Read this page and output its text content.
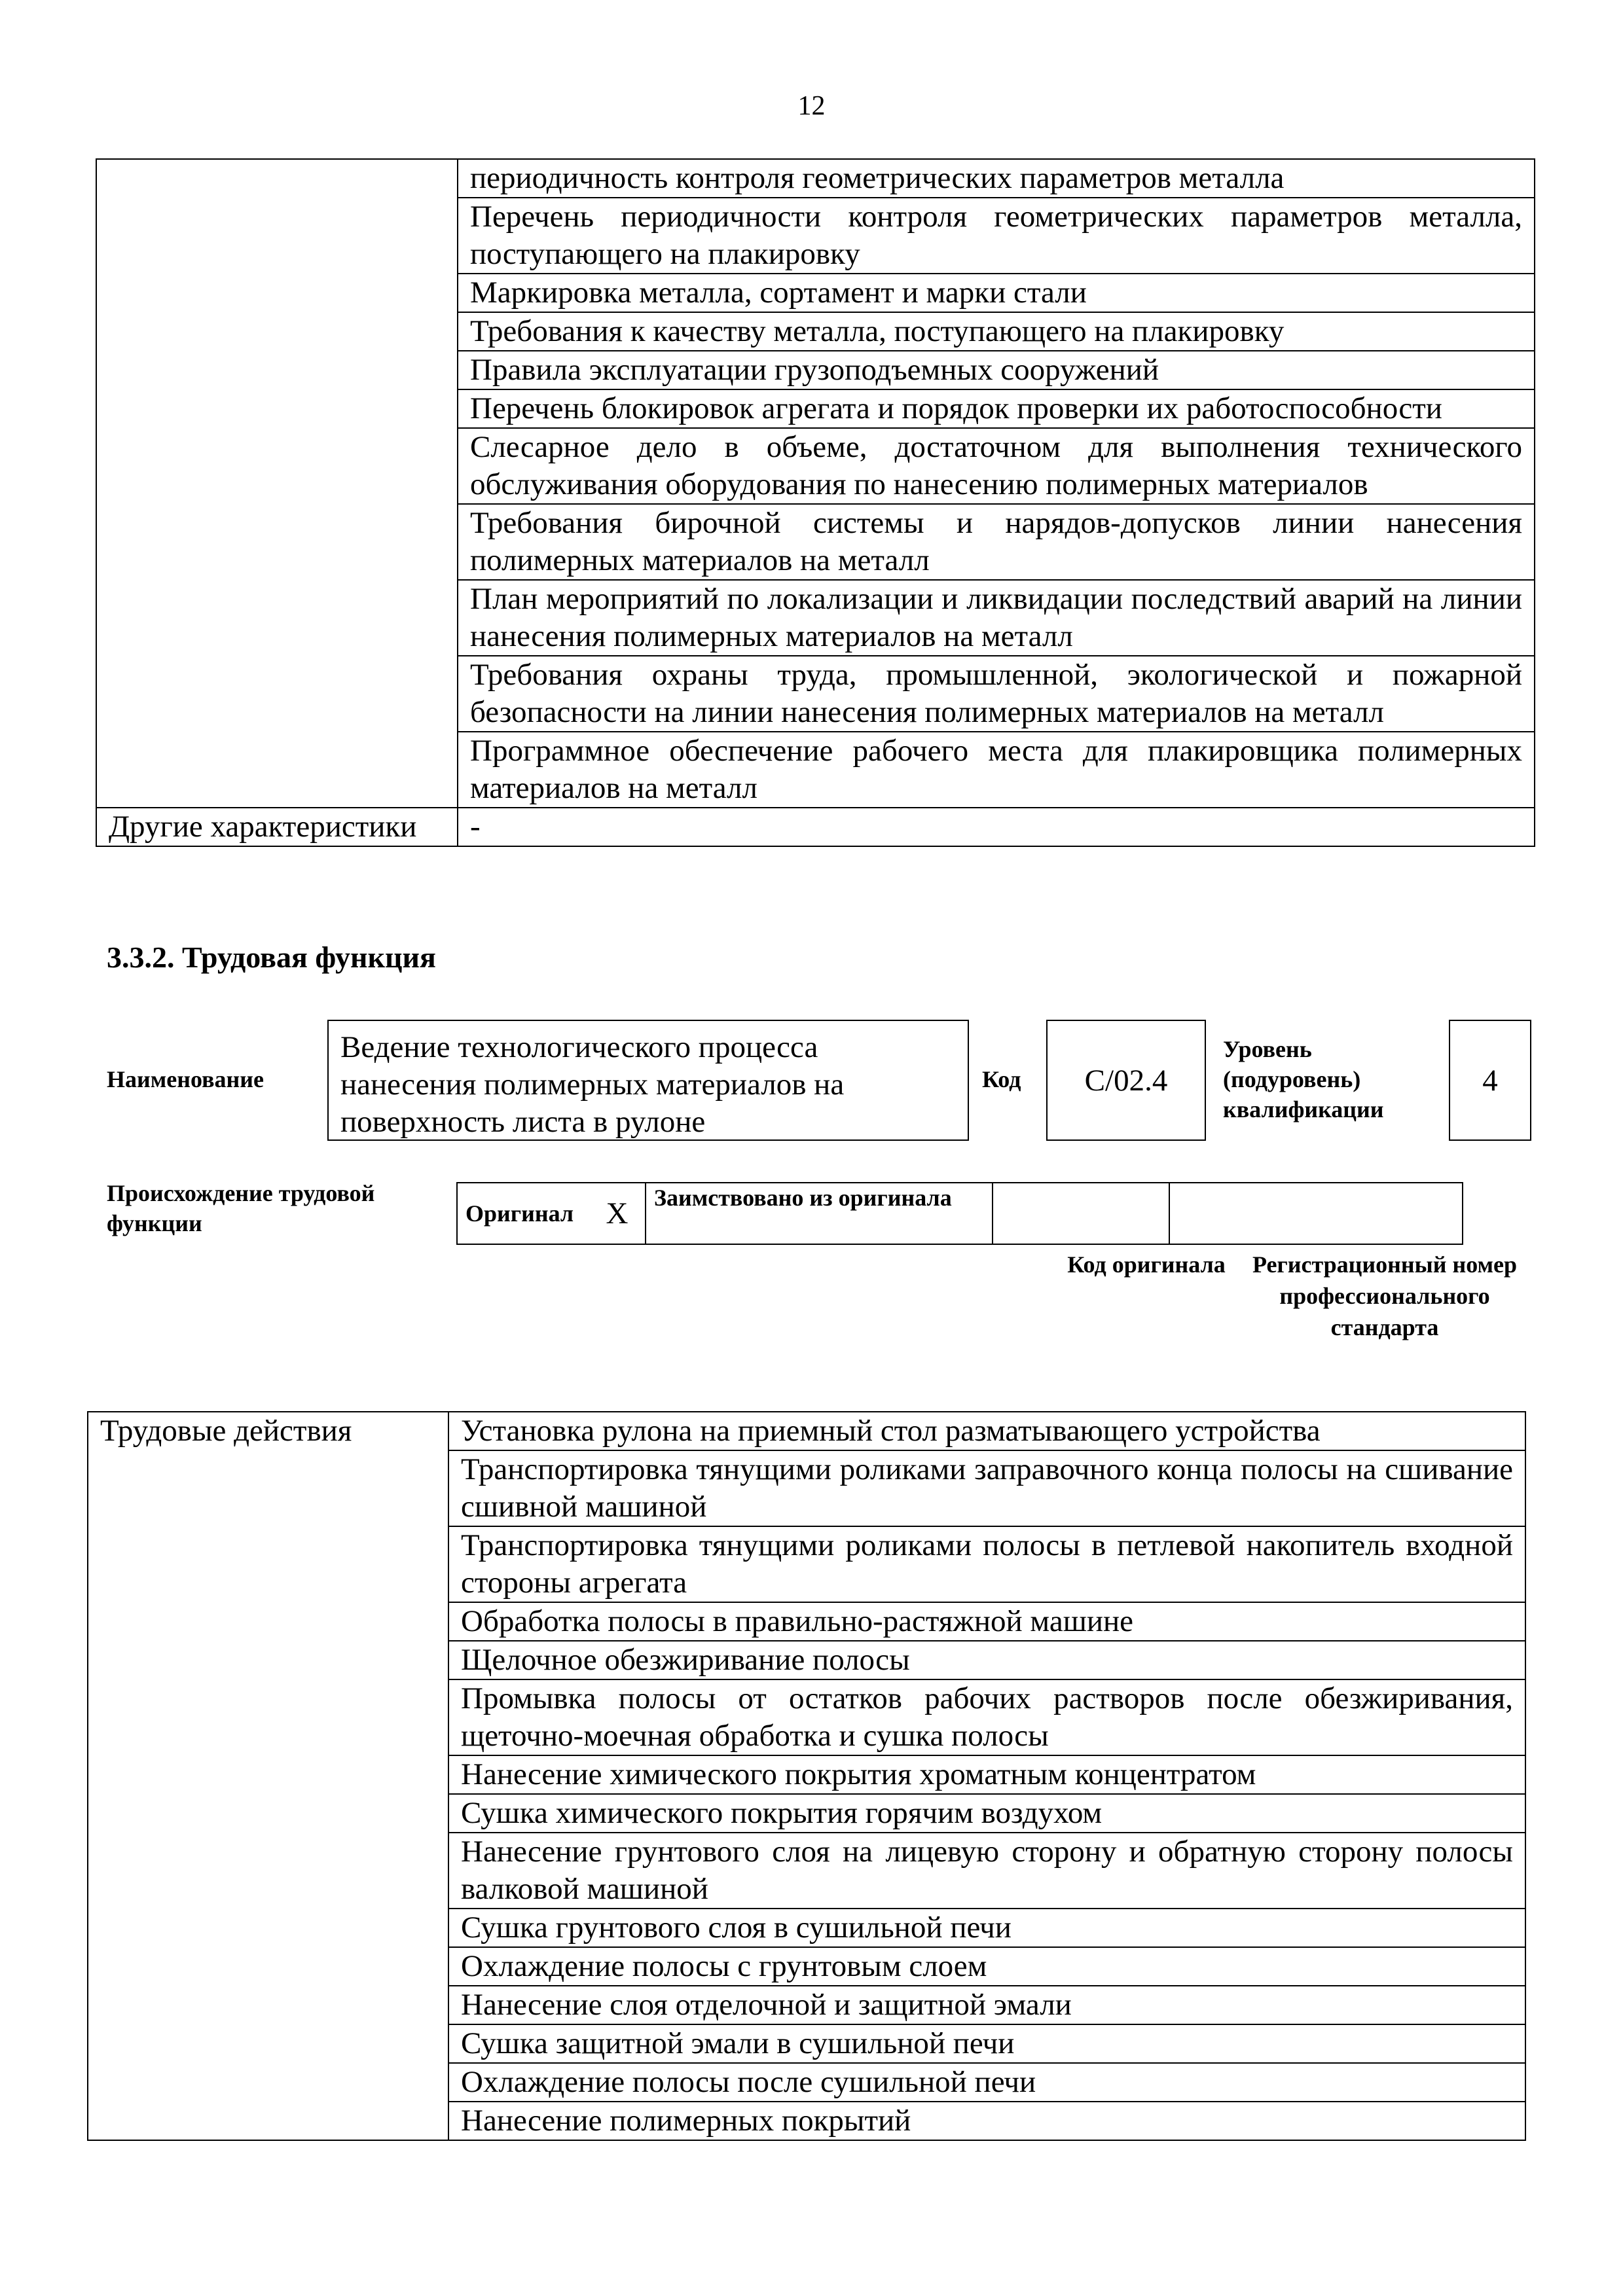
12
	периодичность контроля геометрических параметров металла
	Перечень периодичности контроля геометрических параметров металла, поступающего на плакировку
	Маркировка металла, сортамент и марки стали
	Требования к качеству металла, поступающего на плакировку
	Правила эксплуатации грузоподъемных сооружений
	Перечень блокировок агрегата и порядок проверки их работоспособности
	Слесарное дело в объеме, достаточном для выполнения технического обслуживания оборудования по нанесению полимерных материалов
	Требования бирочной системы и нарядов-допусков линии нанесения полимерных материалов на металл
	План мероприятий по локализации и ликвидации последствий аварий на линии нанесения полимерных материалов на металл
	Требования охраны труда, промышленной, экологической и пожарной безопасности на линии нанесения полимерных материалов на металл
	Программное обеспечение рабочего места для плакировщика полимерных материалов на металл
Другие характеристики	-
3.3.2. Трудовая функция
Наименование
Ведение технологического процесса нанесения полимерных материалов на поверхность листа в рулоне
Код	C/02.4
Уровень (подуровень) квалификации
4
Происхождение трудовой функции	Оригинал	X	Заимствовано из оригинала		
Код оригинала	Регистрационный номер профессионального стандарта
Трудовые действия	Установка рулона на приемный стол разматывающего устройства
Транспортировка тянущими роликами заправочного конца полосы на сшивание сшивной машиной
Транспортировка тянущими роликами полосы в петлевой накопитель входной стороны агрегата
Обработка полосы в правильно-растяжной машине
Щелочное обезжиривание полосы
Промывка полосы от остатков рабочих растворов после обезжиривания, щеточно-моечная обработка и сушка полосы
Нанесение химического покрытия хроматным концентратом
Сушка химического покрытия горячим воздухом
Нанесение грунтового слоя на лицевую сторону и обратную сторону полосы валковой машиной
Сушка грунтового слоя в сушильной печи
Охлаждение полосы с грунтовым слоем
Нанесение слоя отделочной и защитной эмали
Сушка защитной эмали в сушильной печи
Охлаждение полосы после сушильной печи
Нанесение полимерных покрытий
